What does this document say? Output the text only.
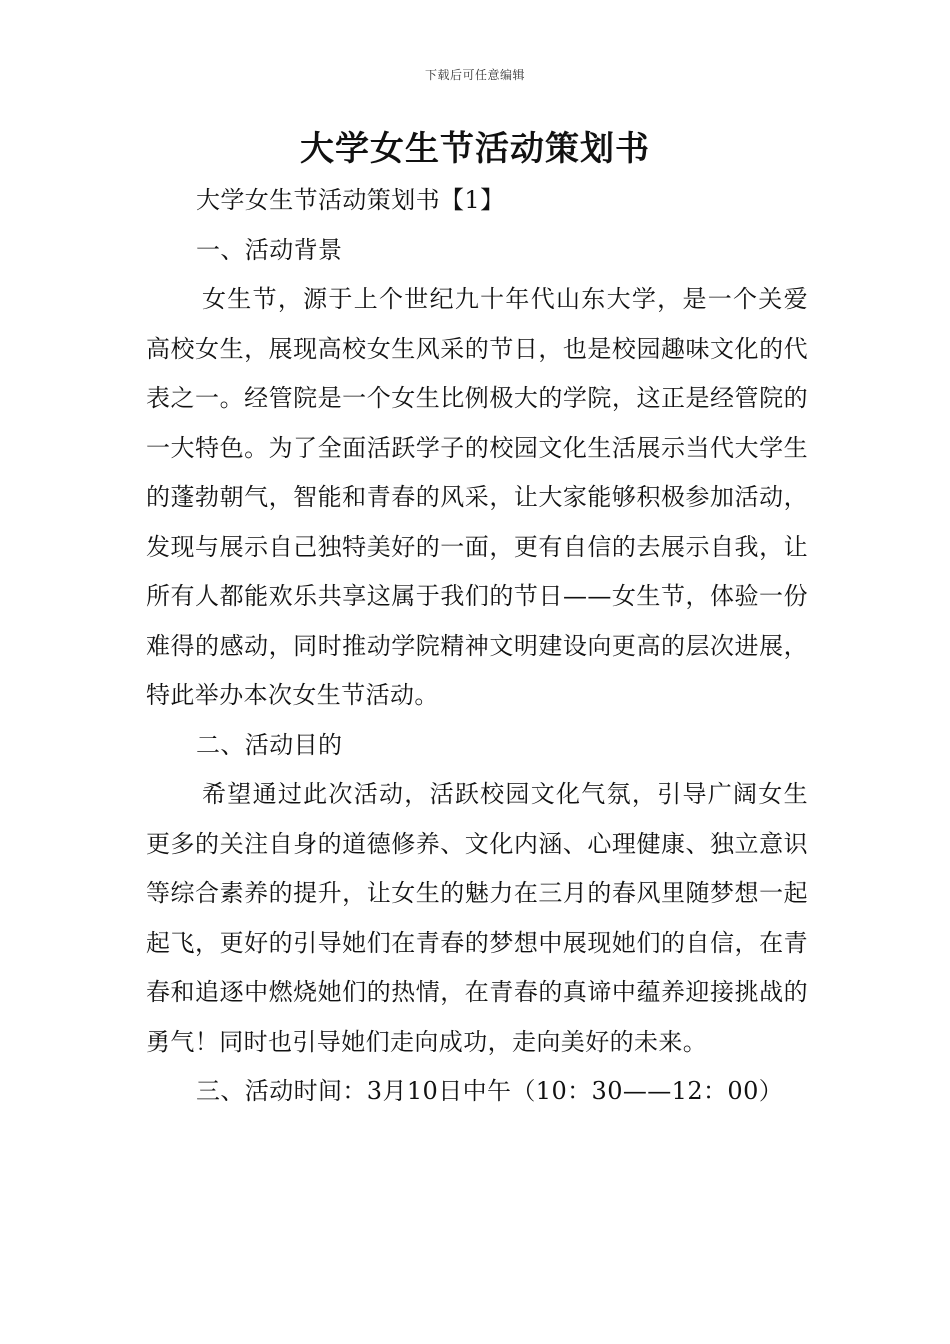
下载后可任意编辑
大学女生节活动策划书

大学女生节活动策划书【1】

一、活动背景

女生节，源于上个世纪九十年代山东大学，是一个关爱高校女生，展现高校女生风采的节日，也是校园趣味文化的代表之一。经管院是一个女生比例极大的学院，这正是经管院的一大特色。为了全面活跃学子的校园文化生活展示当代大学生的蓬勃朝气，智能和青春的风采，让大家能够积极参加活动，发现与展示自己独特美好的一面，更有自信的去展示自我，让所有人都能欢乐共享这属于我们的节日——女生节，体验一份难得的感动，同时推动学院精神文明建设向更高的层次进展，特此举办本次女生节活动。

二、活动目的

希望通过此次活动，活跃校园文化气氛，引导广阔女生更多的关注自身的道德修养、文化内涵、心理健康、独立意识等综合素养的提升，让女生的魅力在三月的春风里随梦想一起起飞，更好的引导她们在青春的梦想中展现她们的自信，在青春和追逐中燃烧她们的热情，在青春的真谛中蕴养迎接挑战的勇气！同时也引导她们走向成功，走向美好的未来。

三、活动时间：3月10日中午（10：30——12：00）
